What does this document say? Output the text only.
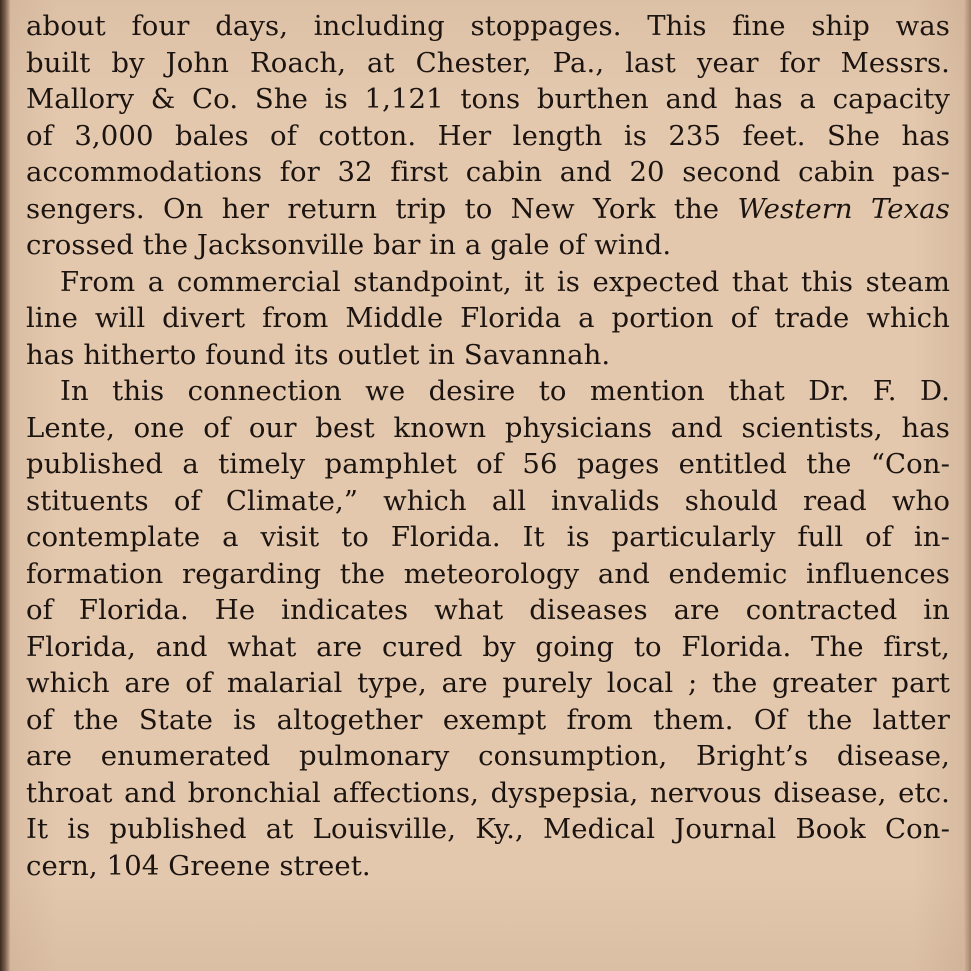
about four days, including stoppages. This fine ship was
built by John Roach, at Chester, Pa., last year for Messrs.
Mallory & Co. She is 1,121 tons burthen and has a capacity
of 3,000 bales of cotton. Her length is 235 feet. She has
accommodations for 32 first cabin and 20 second cabin pas-
sengers. On her return trip to New York the Western Texas
crossed the Jacksonville bar in a gale of wind.
From a commercial standpoint, it is expected that this steam
line will divert from Middle Florida a portion of trade which
has hitherto found its outlet in Savannah.
In this connection we desire to mention that Dr. F. D.
Lente, one of our best known physicians and scientists, has
published a timely pamphlet of 56 pages entitled the “Con-
stituents of Climate,” which all invalids should read who
contemplate a visit to Florida. It is particularly full of in-
formation regarding the meteorology and endemic influences
of Florida. He indicates what diseases are contracted in
Florida, and what are cured by going to Florida. The first,
which are of malarial type, are purely local ; the greater part
of the State is altogether exempt from them. Of the latter
are enumerated pulmonary consumption, Bright’s disease,
throat and bronchial affections, dyspepsia, nervous disease, etc.
It is published at Louisville, Ky., Medical Journal Book Con-
cern, 104 Greene street.
